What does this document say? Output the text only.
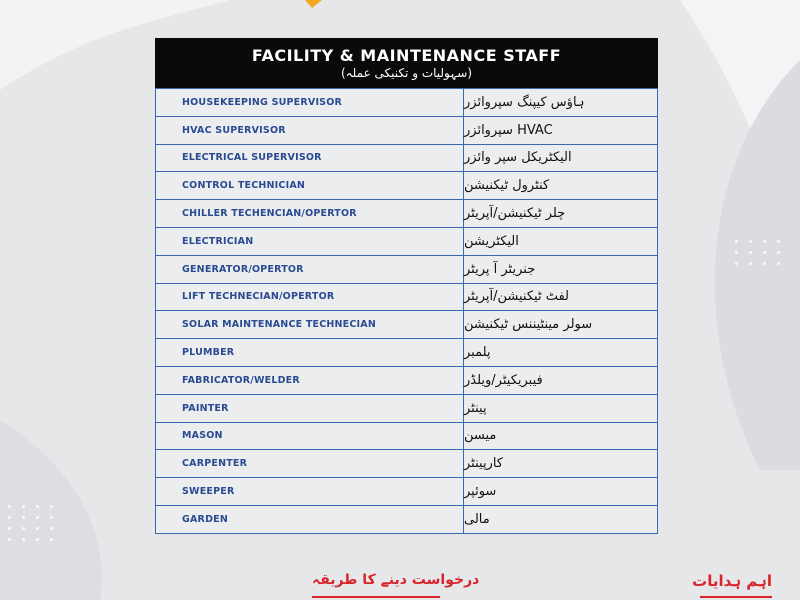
FACILITY & MAINTENANCE STAFF
(سہولیات و تکنیکی عملہ)
HOUSEKEEPING SUPERVISOR	ہاؤس کیپنگ سپروائزر
HVAC SUPERVISOR	HVAC سپروائزر
ELECTRICAL SUPERVISOR	الیکٹریکل سپر وائزر
CONTROL TECHNICIAN	کنٹرول ٹیکنیشن
CHILLER TECHENCIAN/OPERTOR	چلر ٹیکنیشن/آپریٹر
ELECTRICIAN	الیکٹریشن
GENERATOR/OPERTOR	جنریٹر آ پریٹر
LIFT TECHNECIAN/OPERTOR	لفٹ ٹیکنیشن/آپریٹر
SOLAR MAINTENANCE TECHNECIAN	سولر مینٹیننس ٹیکنیشن
PLUMBER	پلمبر
FABRICATOR/WELDER	فیبریکیٹر/ویلڈر
PAINTER	پینٹر
MASON	میسن
CARPENTER	کارپینٹر
SWEEPER	سوئپر
GARDEN	مالی
درخواست دینے کا طریقہ	اہم ہدایات
